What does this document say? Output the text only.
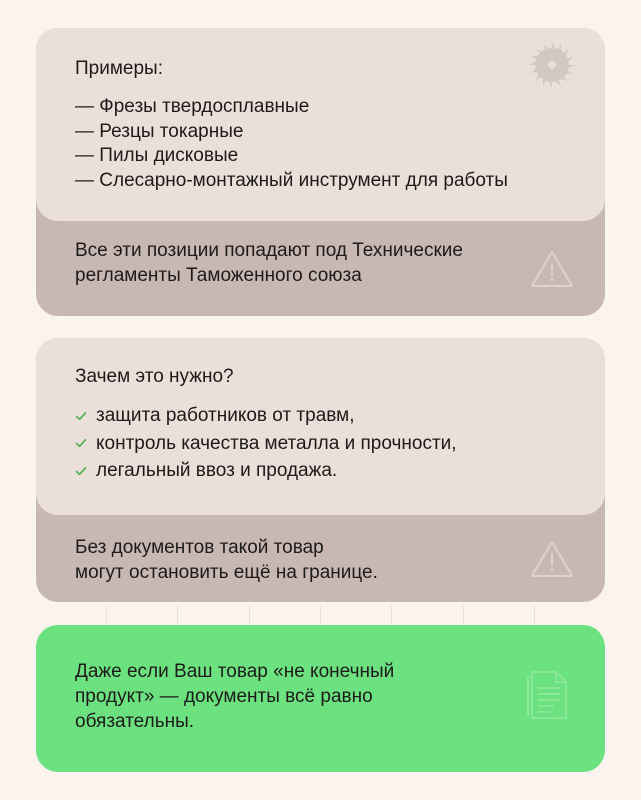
Примеры:

— Фрезы твердосплавные
— Резцы токарные
— Пилы дисковые
— Слесарно-монтажный инструмент для работы
Все эти позиции попадают под Технические
регламенты Таможенного союза

Зачем это нужно?

защита работников от травм,
контроль качества металла и прочности,
легальный ввоз и продажа.
Без документов такой товар
могут остановить ещё на границе.
Даже если Ваш товар «не конечный
продукт» — документы всё равно
обязательны.
